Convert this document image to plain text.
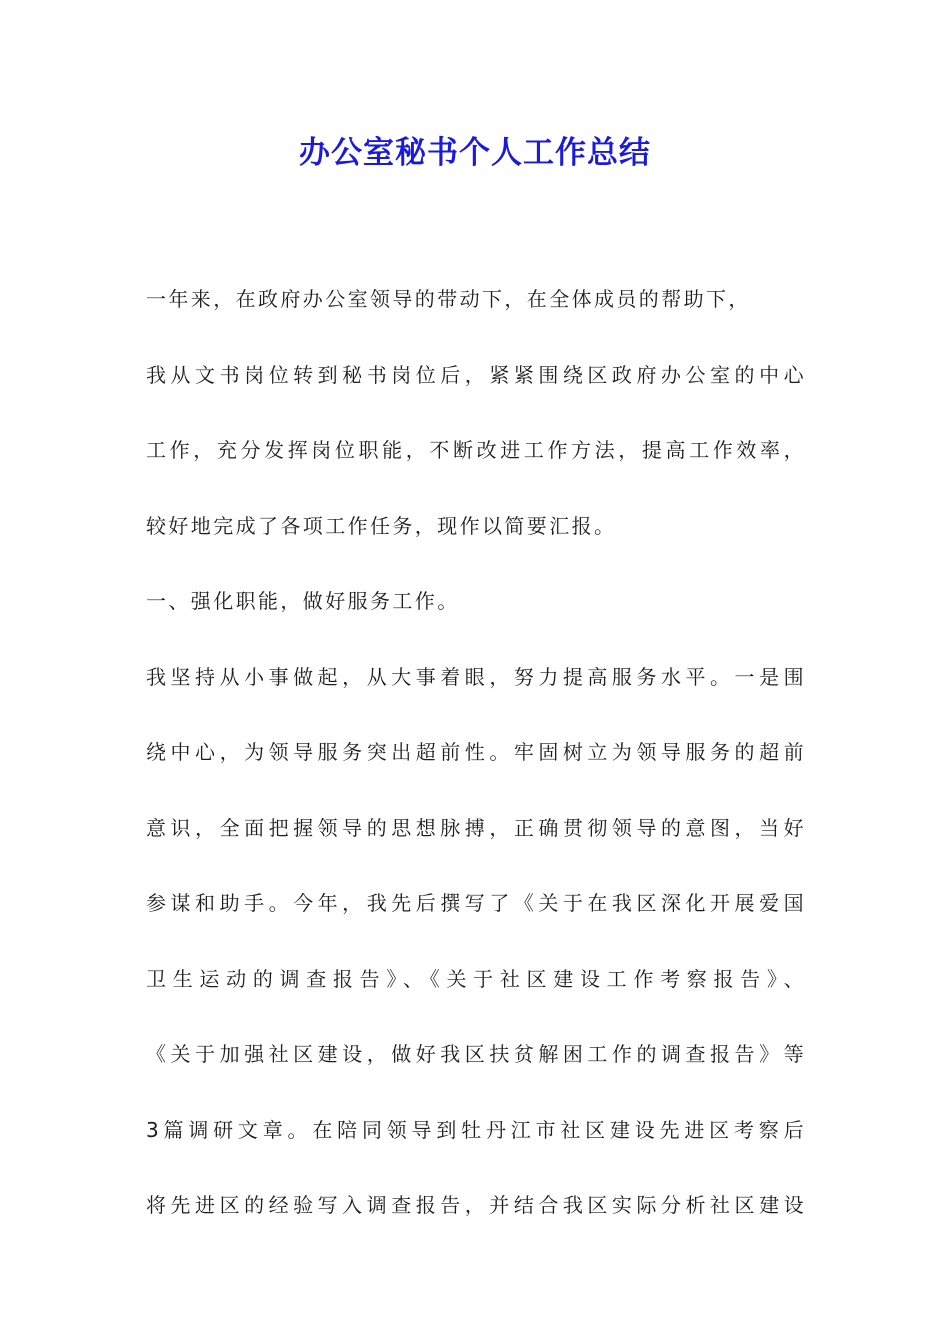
办公室秘书个人工作总结
一年来，在政府办公室领导的带动下，在全体成员的帮助下，
我从文书岗位转到秘书岗位后，紧紧围绕区政府办公室的中心
工作，充分发挥岗位职能，不断改进工作方法，提高工作效率，
较好地完成了各项工作任务，现作以简要汇报。
一、强化职能，做好服务工作。
我坚持从小事做起，从大事着眼，努力提高服务水平。一是围
绕中心，为领导服务突出超前性。牢固树立为领导服务的超前
意识，全面把握领导的思想脉搏，正确贯彻领导的意图，当好
参谋和助手。今年，我先后撰写了《关于在我区深化开展爱国
卫生运动的调查报告》、《关于社区建设工作考察报告》、
《关于加强社区建设，做好我区扶贫解困工作的调查报告》等
3篇调研文章。在陪同领导到牡丹江市社区建设先进区考察后
将先进区的经验写入调查报告，并结合我区实际分析社区建设
